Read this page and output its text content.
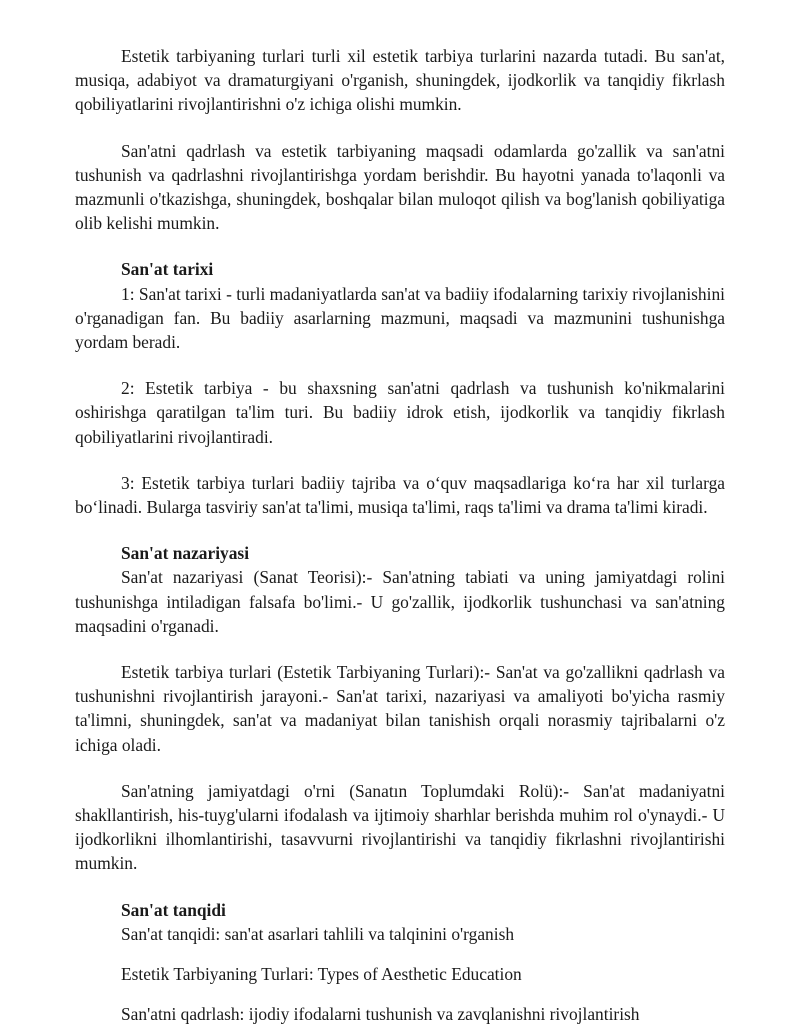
Estetik tarbiyaning turlari turli xil estetik tarbiya turlarini nazarda tutadi. Bu san'at, musiqa, adabiyot va dramaturgiyani o'rganish, shuningdek, ijodkorlik va tanqidiy fikrlash qobiliyatlarini rivojlantirishni o'z ichiga olishi mumkin.

San'atni qadrlash va estetik tarbiyaning maqsadi odamlarda go'zallik va san'atni tushunish va qadrlashni rivojlantirishga yordam berishdir. Bu hayotni yanada to'laqonli va mazmunli o'tkazishga, shuningdek, boshqalar bilan muloqot qilish va bog'lanish qobiliyatiga olib kelishi mumkin.

San'at tarixi

1: San'at tarixi - turli madaniyatlarda san'at va badiiy ifodalarning tarixiy rivojlanishini o'rganadigan fan. Bu badiiy asarlarning mazmuni, maqsadi va mazmunini tushunishga yordam beradi.

2: Estetik tarbiya - bu shaxsning san'atni qadrlash va tushunish ko'nikmalarini oshirishga qaratilgan ta'lim turi. Bu badiiy idrok etish, ijodkorlik va tanqidiy fikrlash qobiliyatlarini rivojlantiradi.

3: Estetik tarbiya turlari badiiy tajriba va o‘quv maqsadlariga ko‘ra har xil turlarga bo‘linadi. Bularga tasviriy san'at ta'limi, musiqa ta'limi, raqs ta'limi va drama ta'limi kiradi.

San'at nazariyasi

San'at nazariyasi (Sanat Teorisi):- San'atning tabiati va uning jamiyatdagi rolini tushunishga intiladigan falsafa bo'limi.- U go'zallik, ijodkorlik tushunchasi va san'atning maqsadini o'rganadi.

Estetik tarbiya turlari (Estetik Tarbiyaning Turlari):- San'at va go'zallikni qadrlash va tushunishni rivojlantirish jarayoni.- San'at tarixi, nazariyasi va amaliyoti bo'yicha rasmiy ta'limni, shuningdek, san'at va madaniyat bilan tanishish orqali norasmiy tajribalarni o'z ichiga oladi.

San'atning jamiyatdagi o'rni (Sanatın Toplumdaki Rolü):- San'at madaniyatni shakllantirish, his-tuyg'ularni ifodalash va ijtimoiy sharhlar berishda muhim rol o'ynaydi.- U ijodkorlikni ilhomlantirishi, tasavvurni rivojlantirishi va tanqidiy fikrlashni rivojlantirishi mumkin.

San'at tanqidi

San'at tanqidi: san'at asarlari tahlili va talqinini o'rganish

Estetik Tarbiyaning Turlari: Types of Aesthetic Education

San'atni qadrlash: ijodiy ifodalarni tushunish va zavqlanishni rivojlantirish
